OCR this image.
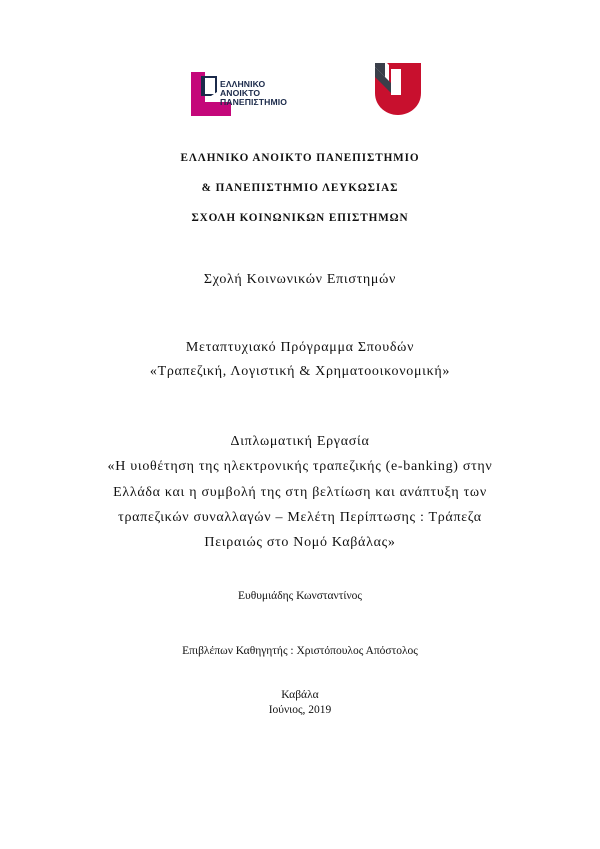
ΕΛΛΗΝΙΚΟ
ΑΝΟΙΚΤΟ
ΠΑΝΕΠΙΣΤΗΜΙΟ
ΕΛΛΗΝΙΚΟ ΑΝΟΙΚΤΟ ΠΑΝΕΠΙΣΤΗΜΙΟ
& ΠΑΝΕΠΙΣΤΗΜΙΟ ΛΕΥΚΩΣΙΑΣ
ΣΧΟΛΗ ΚΟΙΝΩΝΙΚΩΝ ΕΠΙΣΤΗΜΩΝ
Σχολή Κοινωνικών Επιστημών
Μεταπτυχιακό Πρόγραμμα Σπουδών
«Τραπεζική, Λογιστική & Χρηματοοικονομική»
Διπλωματική Εργασία
«Η υιοθέτηση της ηλεκτρονικής τραπεζικής (e-banking) στην
Ελλάδα και η συμβολή της στη βελτίωση και ανάπτυξη των
τραπεζικών συναλλαγών – Μελέτη Περίπτωσης : Τράπεζα
Πειραιώς στο Νομό Καβάλας»
Ευθυμιάδης Κωνσταντίνος
Επιβλέπων Καθηγητής : Χριστόπουλος Απόστολος
Καβάλα
Ιούνιος, 2019
